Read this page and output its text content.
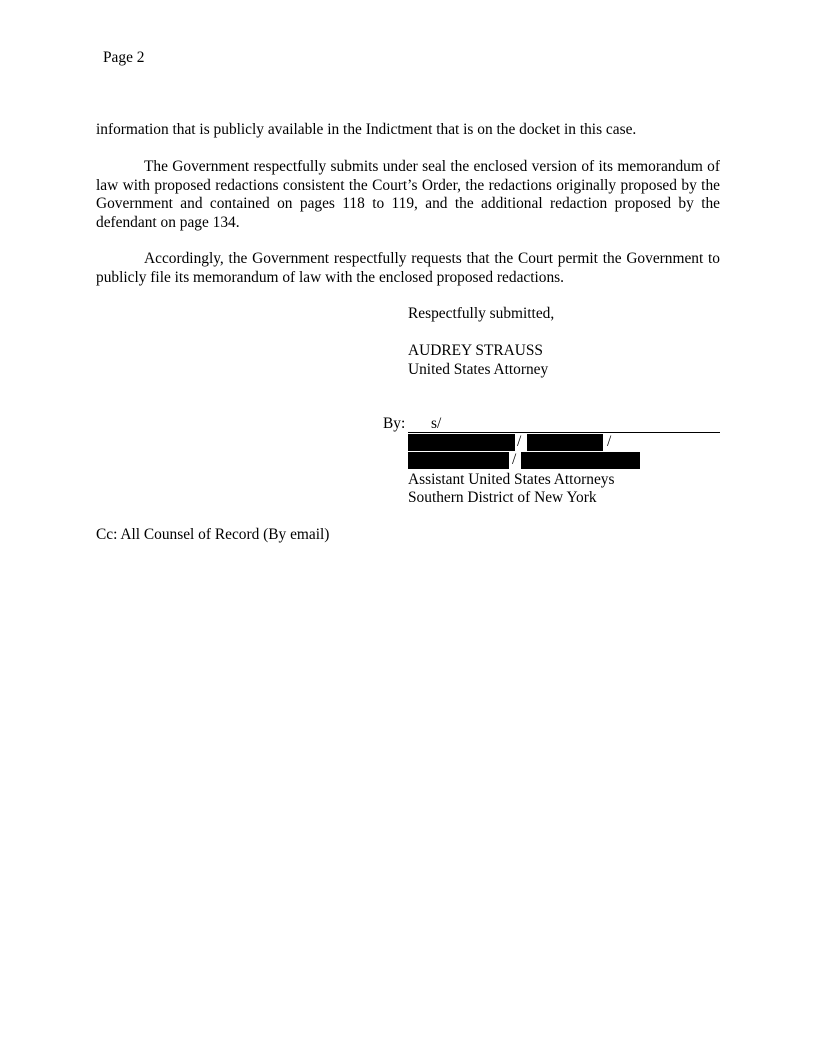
Page 2

information that is publicly available in the Indictment that is on the docket in this case.

The Government respectfully submits under seal the enclosed version of its memorandum of law with proposed redactions consistent the Court’s Order, the redactions originally proposed by the Government and contained on pages 118 to 119, and the additional redaction proposed by the defendant on page 134.

Accordingly, the Government respectfully requests that the Court permit the Government to publicly file its memorandum of law with the enclosed proposed redactions.

Respectfully submitted,
AUDREY STRAUSS
United States Attorney
By: s/
/	/
/
Assistant United States Attorneys
Southern District of New York
Cc: All Counsel of Record (By email)
